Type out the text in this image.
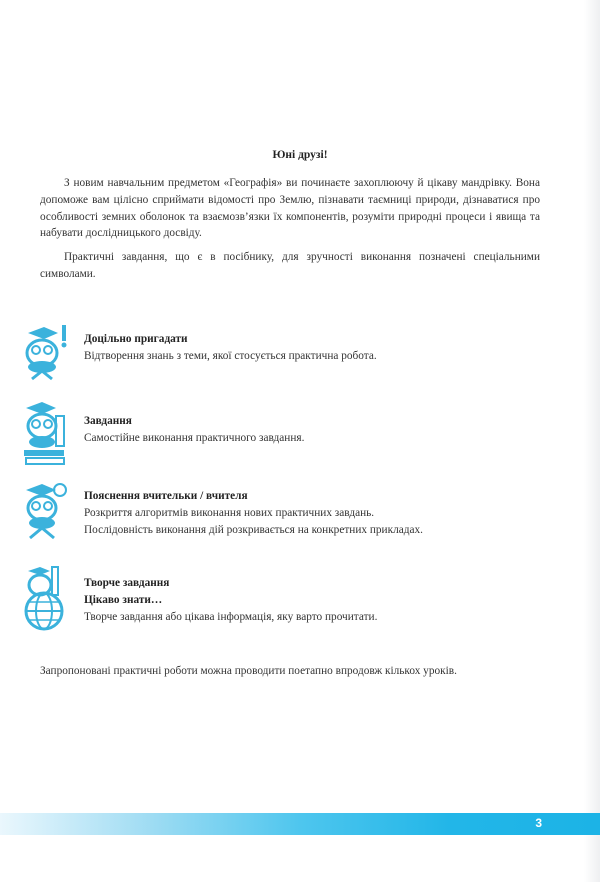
Юні друзі!

З новим навчальним предметом «Географія» ви починаєте захоплюючу й цікаву мандрівку. Вона допоможе вам цілісно сприймати відомості про Землю, пізнавати таємниці природи, дізнаватися про особливості земних оболонок та взаємозв’язки їх компонентів, розуміти природні процеси і явища та набувати дослідницького досвіду.

Практичні завдання, що є в посібнику, для зручності виконання позначені спеціальними символами.

Доцільно пригадати
Відтворення знань з теми, якої стосується практична робота.
Завдання
Самостійне виконання практичного завдання.
Пояснення вчительки / вчителя
Розкриття алгоритмів виконання нових практичних завдань.
Послідовність виконання дій розкривається на конкретних прикладах.
Творче завдання
Цікаво знати…
Творче завдання або цікава інформація, яку варто прочитати.
Запропоновані практичні роботи можна проводити поетапно впродовж кількох уроків.
3
